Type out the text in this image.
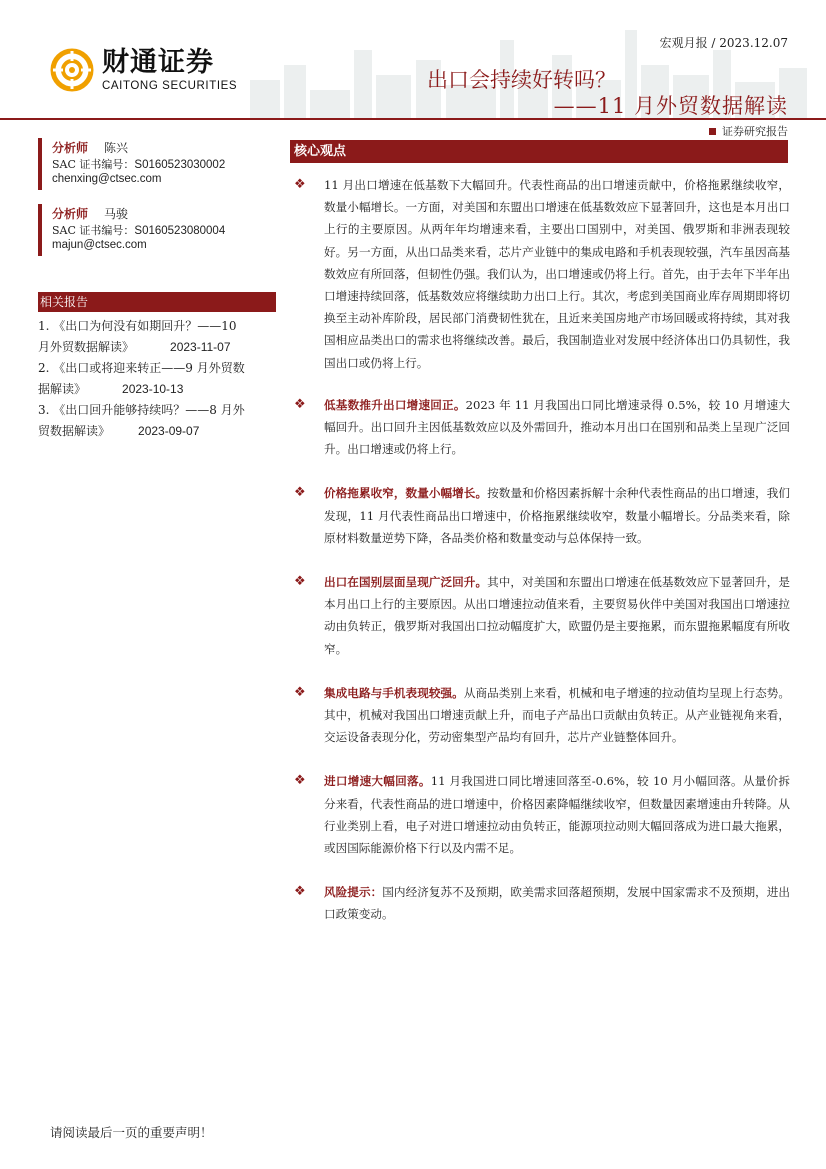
财通证券
CAITONG SECURITIES
宏观月报 / 2023.12.07
出口会持续好转吗？
——11 月外贸数据解读
证券研究报告
分析师	陈兴
SAC 证书编号：S0160523030002
chenxing@ctsec.com
分析师	马骏
SAC 证书编号：S0160523080004
majun@ctsec.com
相关报告
1. 《出口为何没有如期回升？——10
月外贸数据解读》	2023-11-07
2. 《出口或将迎来转正——9 月外贸数
据解读》	2023-10-13
3. 《出口回升能够持续吗？——8 月外
贸数据解读》 2023-09-07
核心观点
❖ 11 月出口增速在低基数下大幅回升。代表性商品的出口增速贡献中，价格拖累继续收窄，数量小幅增长。一方面，对美国和东盟出口增速在低基数效应下显著回升，这也是本月出口上行的主要原因。从两年年均增速来看，主要出口国别中，对美国、俄罗斯和非洲表现较好。另一方面，从出口品类来看，芯片产业链中的集成电路和手机表现较强，汽车虽因高基数效应有所回落，但韧性仍强。我们认为，出口增速或仍将上行。首先，由于去年下半年出口增速持续回落，低基数效应将继续助力出口上行。其次，考虑到美国商业库存周期即将切换至主动补库阶段，居民部门消费韧性犹在，且近来美国房地产市场回暖或将持续，其对我国相应品类出口的需求也将继续改善。最后，我国制造业对发展中经济体出口仍具韧性，我国出口或仍将上行。
❖ 低基数推升出口增速回正。2023 年 11 月我国出口同比增速录得 0.5%，较 10 月增速大幅回升。出口回升主因低基数效应以及外需回升，推动本月出口在国别和品类上呈现广泛回升。出口增速或仍将上行。
❖ 价格拖累收窄，数量小幅增长。按数量和价格因素拆解十余种代表性商品的出口增速，我们发现，11 月代表性商品出口增速中，价格拖累继续收窄，数量小幅增长。分品类来看，除原材料数量逆势下降，各品类价格和数量变动与总体保持一致。
❖ 出口在国别层面呈现广泛回升。其中，对美国和东盟出口增速在低基数效应下显著回升，是本月出口上行的主要原因。从出口增速拉动值来看，主要贸易伙伴中美国对我国出口增速拉动由负转正，俄罗斯对我国出口拉动幅度扩大，欧盟仍是主要拖累，而东盟拖累幅度有所收窄。
❖ 集成电路与手机表现较强。从商品类别上来看，机械和电子增速的拉动值均呈现上行态势。其中，机械对我国出口增速贡献上升，而电子产品出口贡献由负转正。从产业链视角来看，交运设备表现分化，劳动密集型产品均有回升，芯片产业链整体回升。
❖ 进口增速大幅回落。11 月我国进口同比增速回落至-0.6%，较 10 月小幅回落。从量价拆分来看，代表性商品的进口增速中，价格因素降幅继续收窄，但数量因素增速由升转降。从行业类别上看，电子对进口增速拉动由负转正，能源项拉动则大幅回落成为进口最大拖累，或因国际能源价格下行以及内需不足。
❖ 风险提示：国内经济复苏不及预期，欧美需求回落超预期，发展中国家需求不及预期，进出口政策变动。
请阅读最后一页的重要声明！
